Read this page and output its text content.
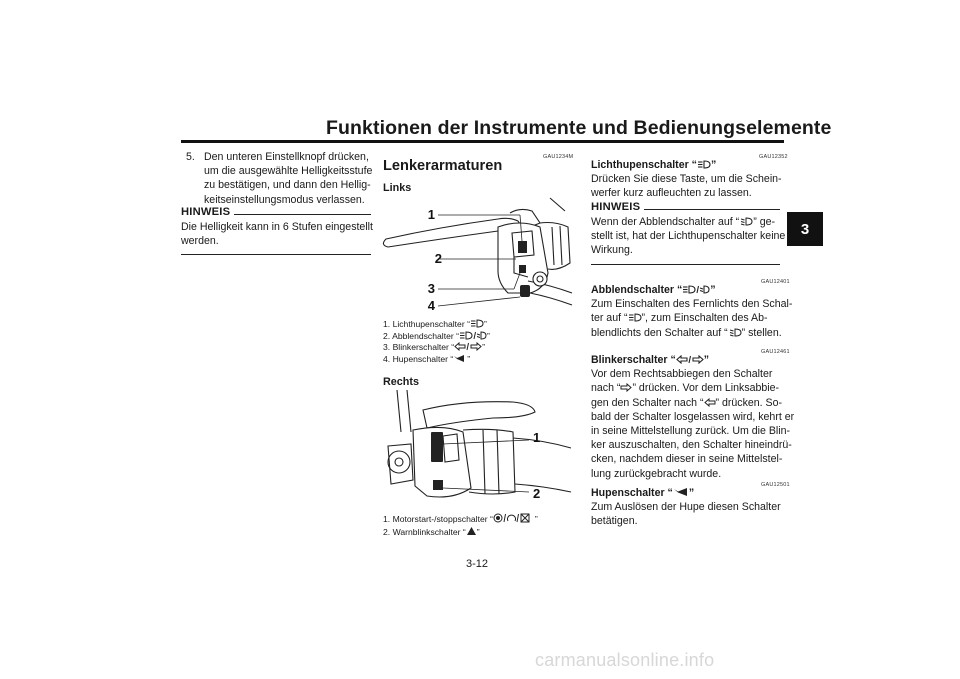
Funktionen der Instrumente und Bedienungselemente
3
5. Den unteren Einstellknopf drücken,
um die ausgewählte Helligkeitsstufe
zu bestätigen, und dann den Hellig-
keitseinstellungsmodus verlassen.
HINWEIS
Die Helligkeit kann in 6 Stufen eingestellt
werden.
GAU1234M
Lenkerarmaturen
Links
1
2
3
4
1. Lichthupenschalter “ ”
2. Abblendschalter “	”
3. Blinkerschalter “	”
4. Hupenschalter “ ”
Rechts
1
2
1. Motorstart-/stoppschalter “	”
2. Warnblinkschalter “ ”
GAU12352
Lichthupenschalter “ ”
Drücken Sie diese Taste, um die Schein-
werfer kurz aufleuchten zu lassen.
HINWEIS
Wenn der Abblendschalter auf “ ” ge-
stellt ist, hat der Lichthupenschalter keine
Wirkung.
GAU12401
Abblendschalter “	”
Zum Einschalten des Fernlichts den Schal-
ter auf “ ”, zum Einschalten des Ab-
blendlichts den Schalter auf “ ” stellen.
GAU12461
Blinkerschalter “	”
Vor dem Rechtsabbiegen den Schalter
nach “ ” drücken. Vor dem Linksabbie-
gen den Schalter nach “ ” drücken. So-
bald der Schalter losgelassen wird, kehrt er
in seine Mittelstellung zurück. Um die Blin-
ker auszuschalten, den Schalter hineindrü-
cken, nachdem dieser in seine Mittelstel-
lung zurückgebracht wurde.
GAU12501
Hupenschalter “ ”
Zum Auslösen der Hupe diesen Schalter
betätigen.
3-12
carmanualsonline.info
